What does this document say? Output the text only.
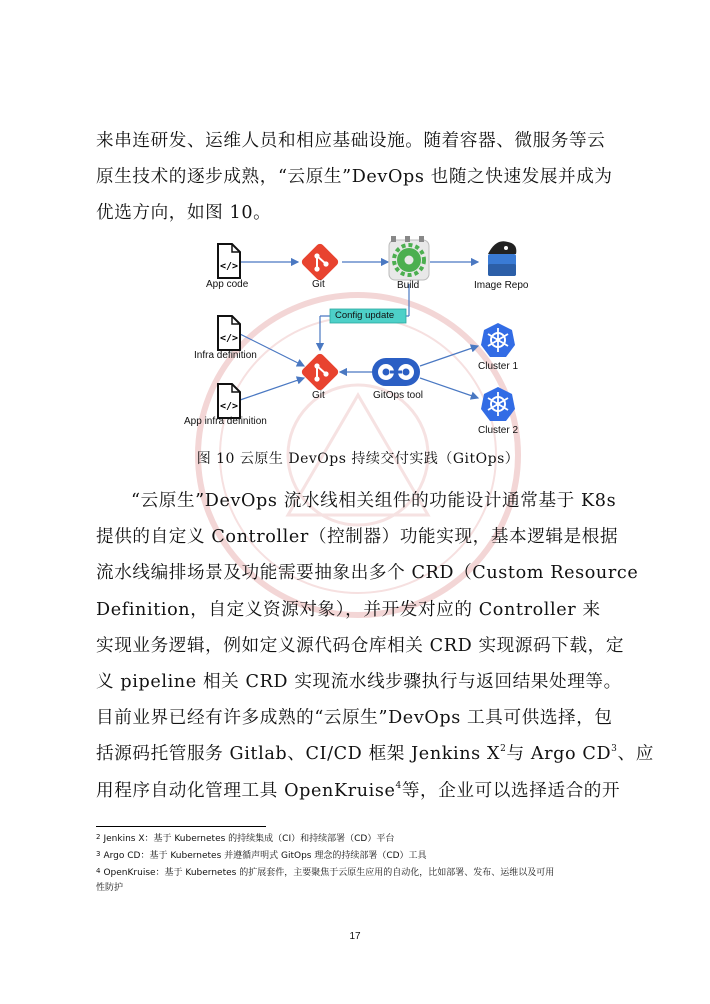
来串连研发、运维人员和相应基础设施。随着容器、微服务等云
原生技术的逐步成熟，“云原生”DevOps 也随之快速发展并成为
优选方向，如图 10。

</>
</>
</>
App code	Git	Build	Image Repo
Config update
Infra definition
Git	GitOps tool
Cluster 1
App infra definition
Cluster 2
图 10 云原生 DevOps 持续交付实践（GitOps）

“云原生”DevOps 流水线相关组件的功能设计通常基于 K8s
提供的自定义 Controller（控制器）功能实现，基本逻辑是根据
流水线编排场景及功能需要抽象出多个 CRD（Custom Resource
Definition，自定义资源对象），并开发对应的 Controller 来
实现业务逻辑，例如定义源代码仓库相关 CRD 实现源码下载，定
义 pipeline 相关 CRD 实现流水线步骤执行与返回结果处理等。
目前业界已经有许多成熟的“云原生”DevOps 工具可供选择，包
括源码托管服务 Gitlab、CI/CD 框架 Jenkins $X^2$与 Argo $CD^3$、应
用程序自动化管理工具 OpenKruise$^4$等，企业可以选择适合的开

$^2$ Jenkins X：基于 Kubernetes 的持续集成（CI）和持续部署（CD）平台
$^3$ Argo CD：基于 Kubernetes 并遵循声明式 GitOps 理念的持续部署（CD）工具
$^4$ OpenKruise：基于 Kubernetes 的扩展套件，主要聚焦于云原生应用的自动化，比如部署、发布、运维以及可用
性防护
17
